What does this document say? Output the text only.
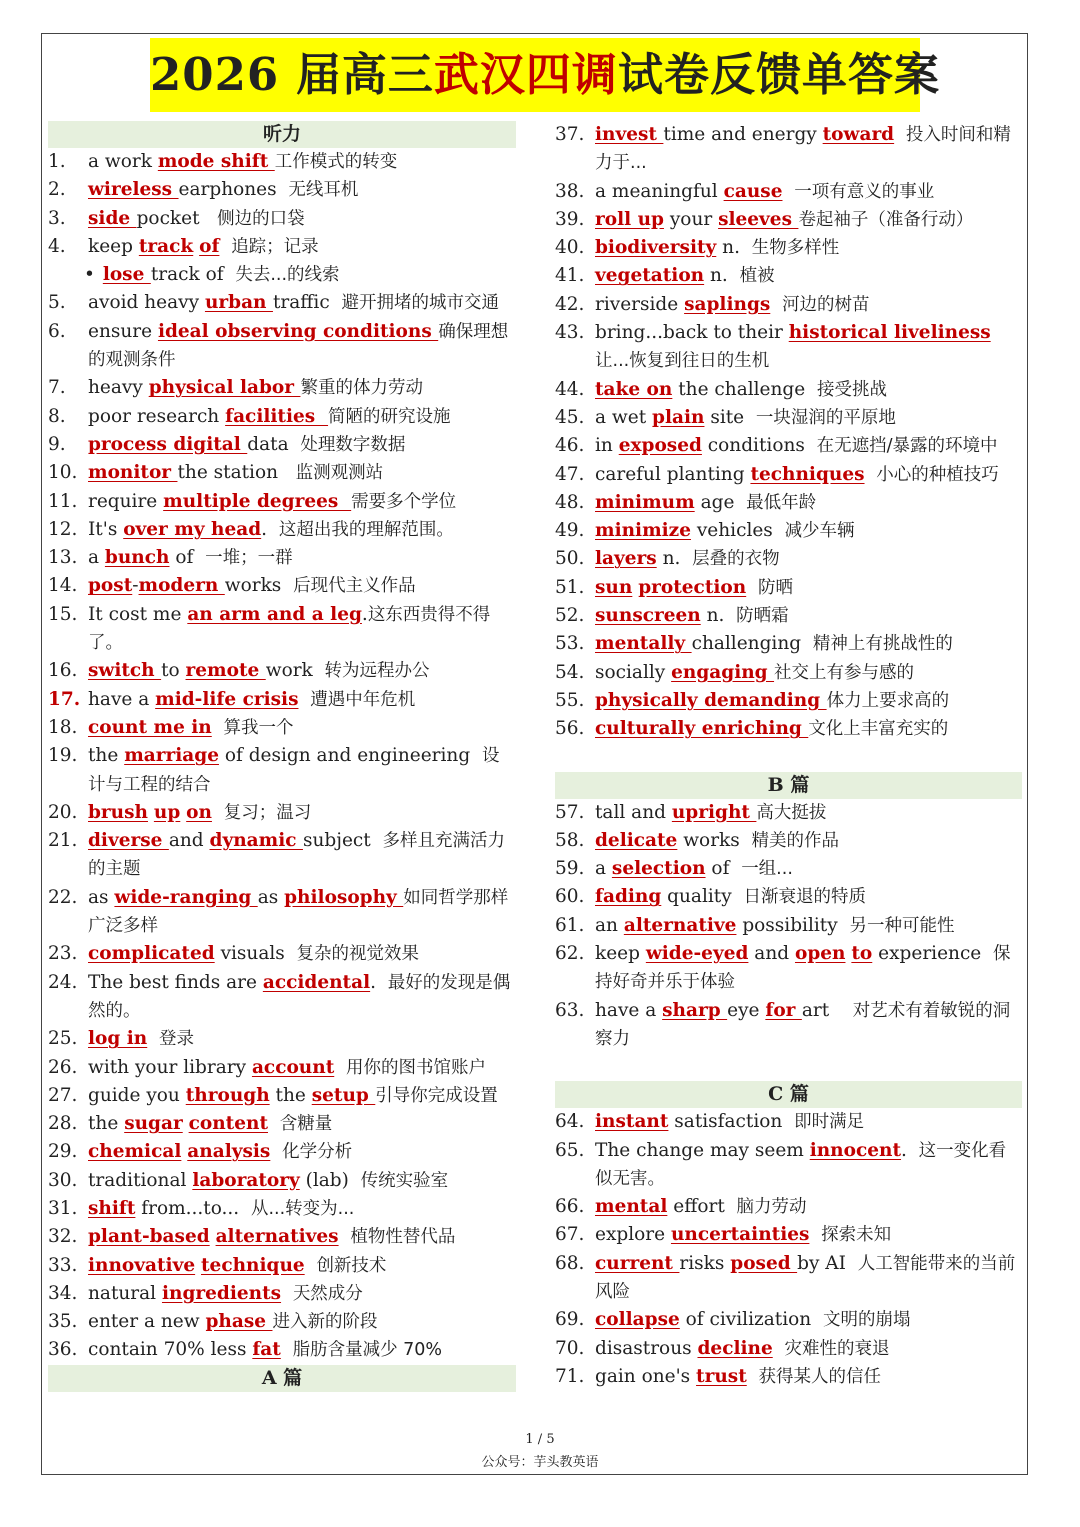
2026 届高三武汉四调试卷反馈单答案
听力
1. a work mode shift 工作模式的转变
2. wireless earphones  无线耳机
3. side pocket   侧边的口袋
4. keep track of 追踪；记录
• lose track of  失去...的线索
5. avoid heavy urban traffic  避开拥堵的城市交通
6. ensure ideal observing conditions 确保理想的观测条件
7. heavy physical labor 繁重的体力劳动
8. poor research facilities  简陋的研究设施
9. process digital data  处理数字数据
10. monitor the station   监测观测站
11. require multiple degrees  需要多个学位
12. It's over my head.  这超出我的理解范围。
13. a bunch of  一堆；一群
14. post-modern works  后现代主义作品
15. It cost me an arm and a leg.这东西贵得不得了。
16. switch to remote work  转为远程办公
17. have a mid-life crisis 遭遇中年危机
18. count me in 算我一个
19. the marriage of design and engineering  设计与工程的结合
20. brush up on 复习；温习
21. diverse and dynamic subject  多样且充满活力的主题
22. as wide-ranging as philosophy 如同哲学那样广泛多样
23. complicated visuals  复杂的视觉效果
24. The best finds are accidental.  最好的发现是偶然的。
25. log in 登录
26. with your library account 用你的图书馆账户
27. guide you through the setup 引导你完成设置
28. the sugar content 含糖量
29. chemical analysis 化学分析
30. traditional laboratory (lab)  传统实验室
31. shift from...to...  从...转变为...
32. plant-based alternatives 植物性替代品
33. innovative technique 创新技术
34. natural ingredients 天然成分
35. enter a new phase 进入新的阶段
36. contain 70% less fat 脂肪含量减少 70%
A 篇
37. invest time and energy toward 投入时间和精力于...
38. a meaningful cause 一项有意义的事业
39. roll up your sleeves 卷起袖子（准备行动）
40. biodiversity n.  生物多样性
41. vegetation n.  植被
42. riverside saplings 河边的树苗
43. bring...back to their historical liveliness  让...恢复到往日的生机
44. take on the challenge  接受挑战
45. a wet plain site  一块湿润的平原地
46. in exposed conditions  在无遮挡/暴露的环境中
47. careful planting techniques 小心的种植技巧
48. minimum age  最低年龄
49. minimize vehicles  减少车辆
50. layers n.  层叠的衣物
51. sun protection 防晒
52. sunscreen n.  防晒霜
53. mentally challenging  精神上有挑战性的
54. socially engaging 社交上有参与感的
55. physically demanding 体力上要求高的
56. culturally enriching 文化上丰富充实的
B 篇
57. tall and upright 高大挺拔
58. delicate works  精美的作品
59. a selection of  一组...
60. fading quality  日渐衰退的特质
61. an alternative possibility  另一种可能性
62. keep wide-eyed and open to experience  保持好奇并乐于体验
63. have a sharp eye for art    对艺术有着敏锐的洞察力
C 篇
64. instant satisfaction  即时满足
65. The change may seem innocent.  这一变化看似无害。
66. mental effort  脑力劳动
67. explore uncertainties 探索未知
68. current risks posed by AI  人工智能带来的当前风险
69. collapse of civilization  文明的崩塌
70. disastrous decline 灾难性的衰退
71. gain one's trust 获得某人的信任
1 / 5
公众号：芋头教英语
